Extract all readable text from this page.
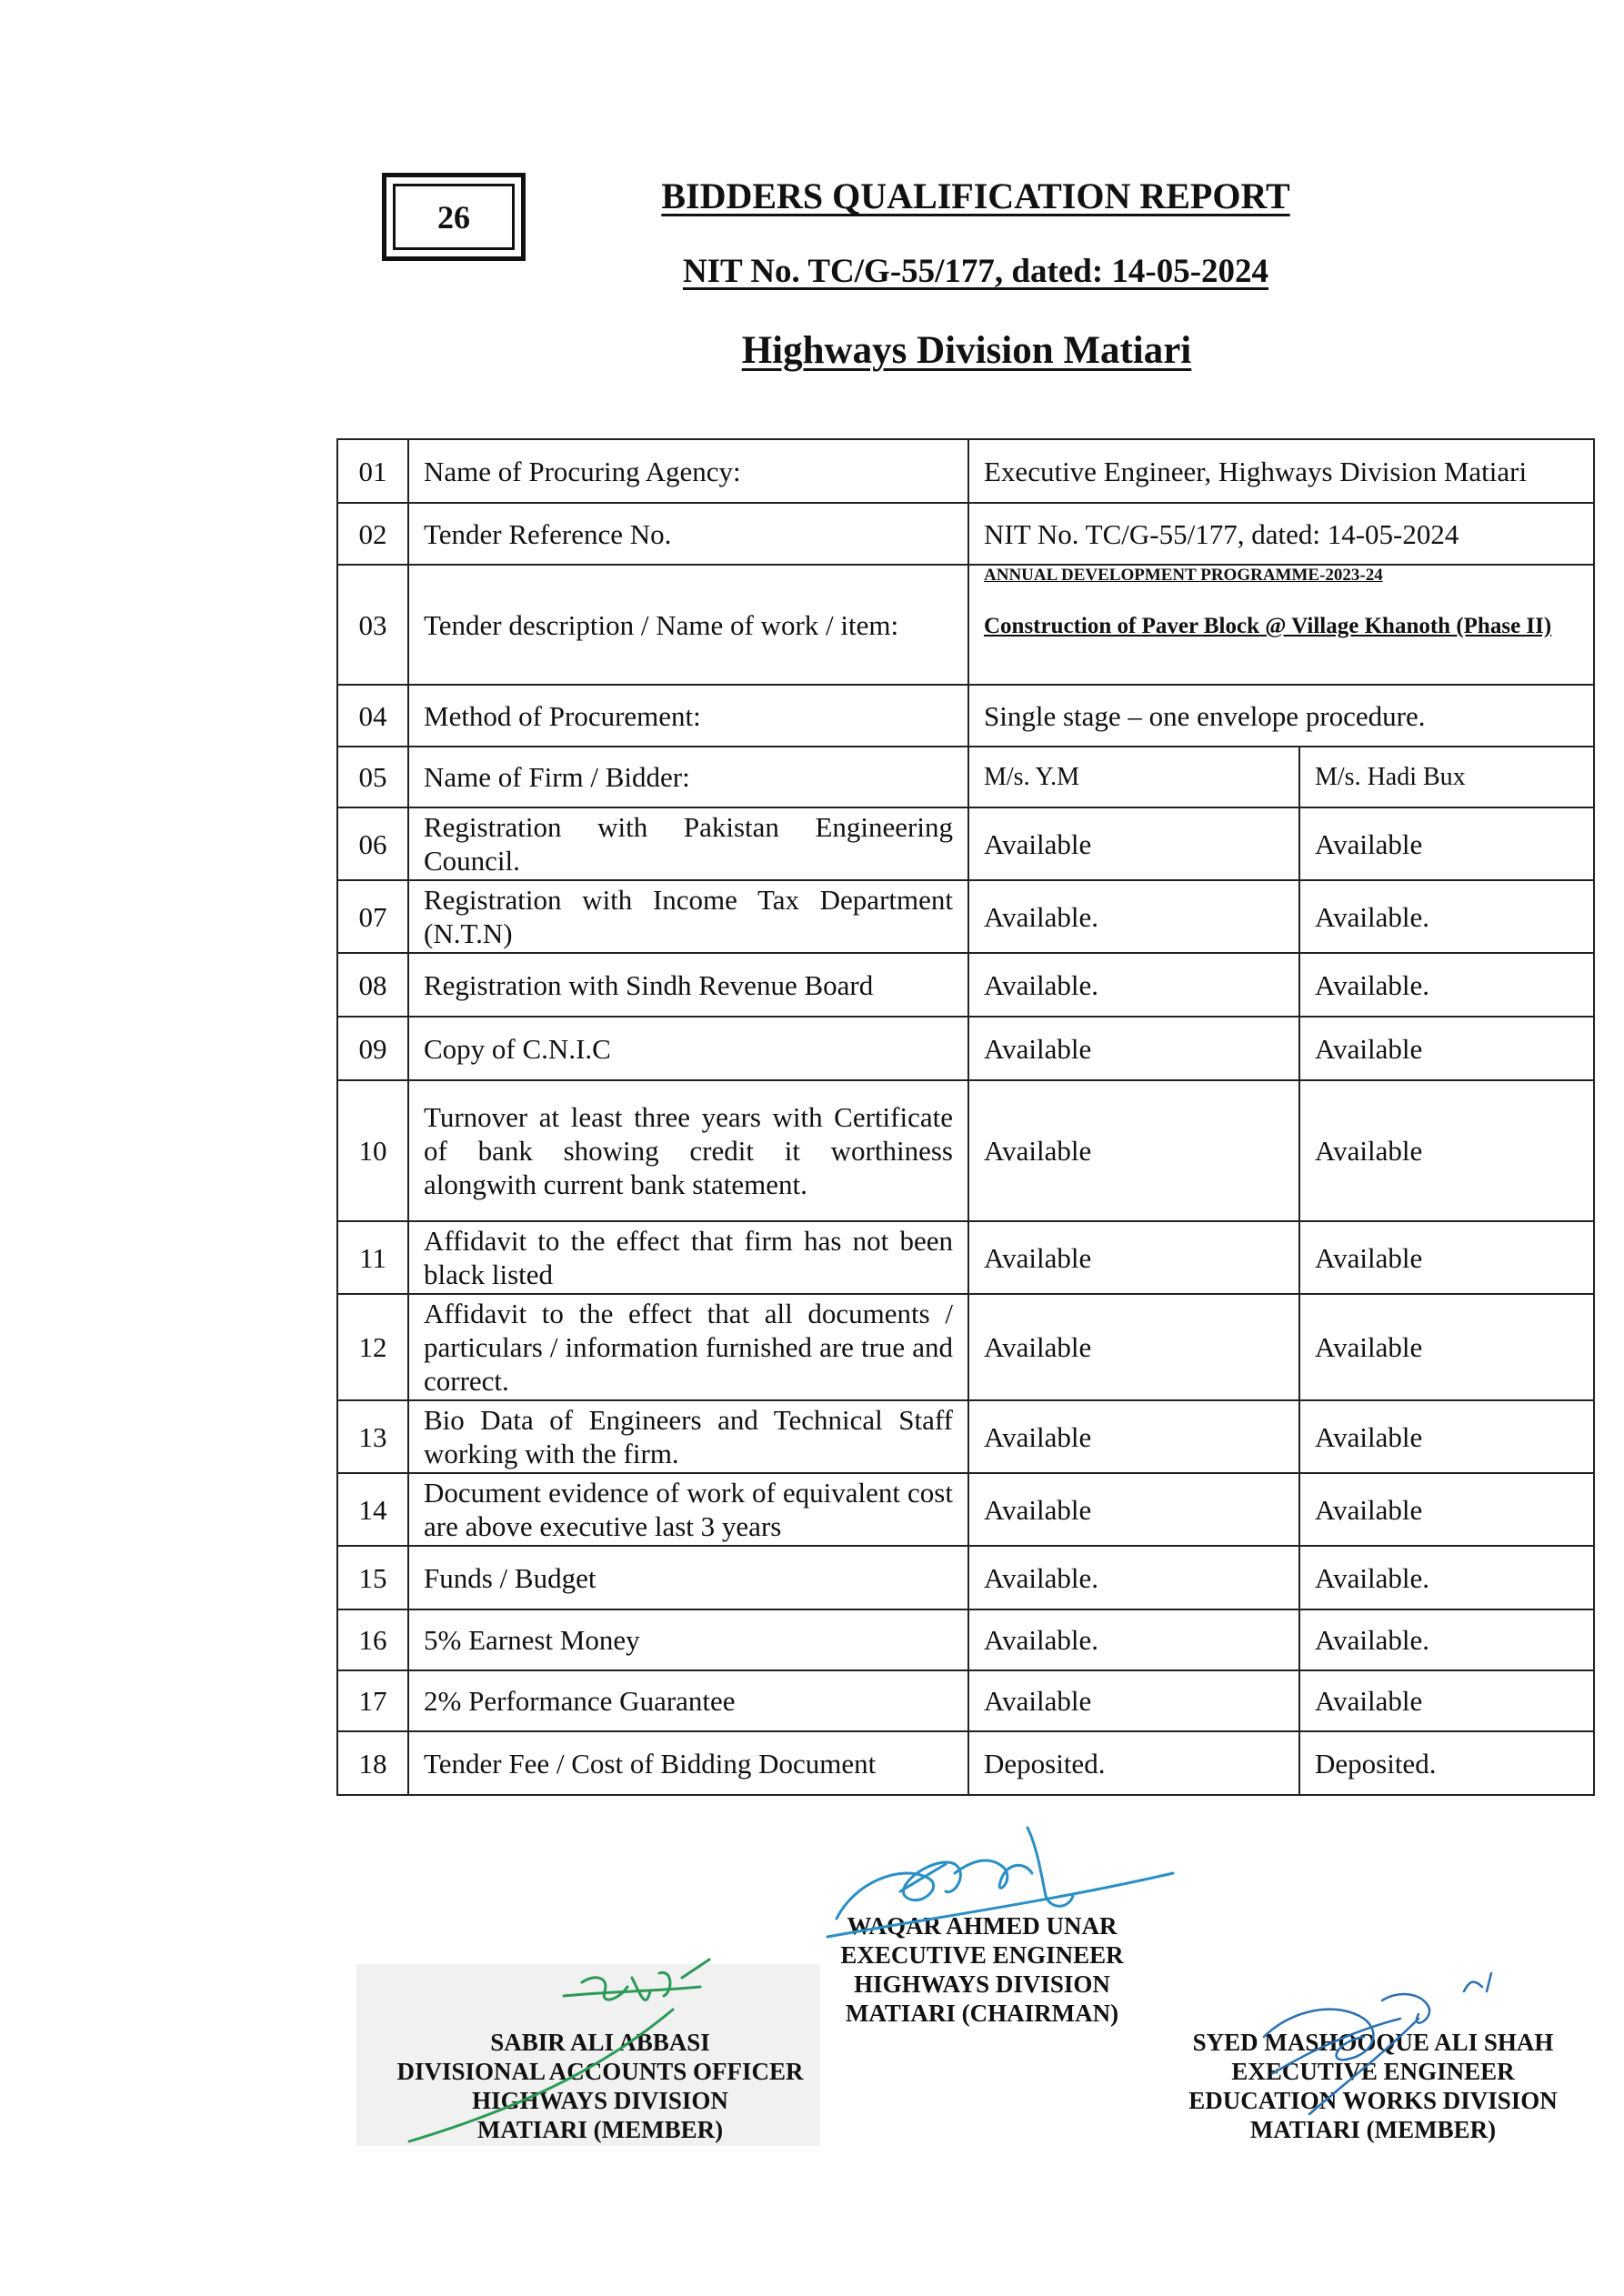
26
BIDDERS QUALIFICATION REPORT
NIT No. TC/G-55/177, dated: 14-05-2024
Highways Division Matiari
01	Name of Procuring Agency:	Executive Engineer, Highways Division Matiari	
02	Tender Reference No.	NIT No. TC/G-55/177, dated: 14-05-2024	
03	Tender description / Name of work / item:	ANNUAL DEVELOPMENT PROGRAMME-2023-24
Construction of Paver Block @ Village Khanoth (Phase II)	

04	Method of Procurement:	Single stage – one envelope procedure.	
05	Name of Firm / Bidder:	M/s. Y.M	M/s. Hadi Bux
06	Registration with Pakistan Engineering Council.	Available	Available
07	Registration with Income Tax Department (N.T.N)	Available.	Available.
08	Registration with Sindh Revenue Board	Available.	Available.
09	Copy of C.N.I.C	Available	Available
10	Turnover at least three years with Certificate of bank showing credit it worthiness alongwith current bank statement.	Available	Available
11	Affidavit to the effect that firm has not been black listed	Available	Available
12	Affidavit to the effect that all documents / particulars / information furnished are true and correct.	Available	Available
13	Bio Data of Engineers and Technical Staff working with the firm.	Available	Available
14	Document evidence of work of equivalent cost are above executive last 3 years	Available	Available
15	Funds / Budget	Available.	Available.
16	5% Earnest Money	Available.	Available.
17	2% Performance Guarantee	Available	Available
18	Tender Fee / Cost of Bidding Document	Deposited.	Deposited.
WAQAR AHMED UNAR
EXECUTIVE ENGINEER
HIGHWAYS DIVISION
MATIARI (CHAIRMAN)
SABIR ALI ABBASI
DIVISIONAL ACCOUNTS OFFICER
HIGHWAYS DIVISION
MATIARI (MEMBER)
SYED MASHOOQUE ALI SHAH
EXECUTIVE ENGINEER
EDUCATION WORKS DIVISION
MATIARI (MEMBER)
